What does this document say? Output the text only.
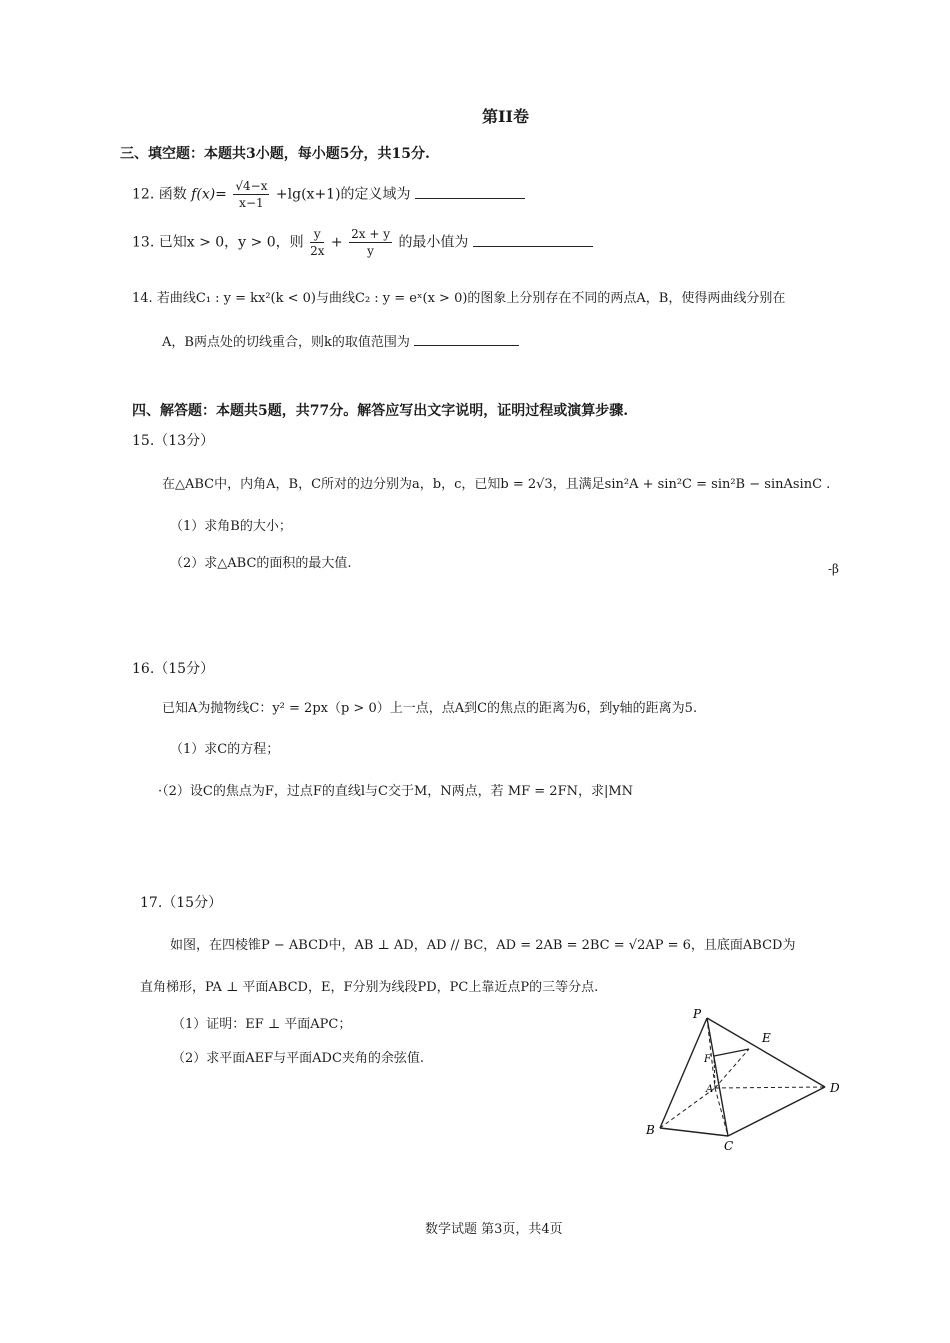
第II卷
三、填空题：本题共3小题，每小题5分，共15分.
12. 函数 $f(x)= \frac{√4-x}{x-1} +\lg(x+1)$的定义域为
13. 已知x > 0，y > 0，则 $\frac{y}{2x} + \frac{2x + y}{y}$ 的最小值为
14. 若曲线C₁ : y = kx²(k < 0)与曲线C₂ : y = eˣ(x > 0)的图象上分别存在不同的两点A，B，使得两曲线分别在
A，B两点处的切线重合，则k的取值范围为
四、解答题：本题共5题，共77分。解答应写出文字说明，证明过程或演算步骤.
15.（13分）
在△ABC中，内角A，B，C所对的边分别为a，b，c，已知b = 2√3，且满足sin²A + sin²C = sin²B − sinAsinC .
（1）求角B的大小；
（2）求△ABC的面积的最大值.	-β
16.（15分）
已知A为抛物线C：y² = 2px（p > 0）上一点，点A到C的焦点的距离为6，到y轴的距离为5.
（1）求C的方程；
·（2）设C的焦点为F，过点F的直线l与C交于M，N两点，若 MF = 2FN，求|MN
17.（15分）
如图，在四棱锥P − ABCD中，AB ⊥ AD，AD // BC，AD = 2AB = 2BC = √2AP = 6，且底面ABCD为
直角梯形，PA ⊥ 平面ABCD，E，F分别为线段PD，PC上靠近点P的三等分点.
（1）证明：EF ⊥ 平面APC；
（2）求平面AEF与平面ADC夹角的余弦值.
P
E
D
B
C
F
A
数学试题 第3页，共4页
